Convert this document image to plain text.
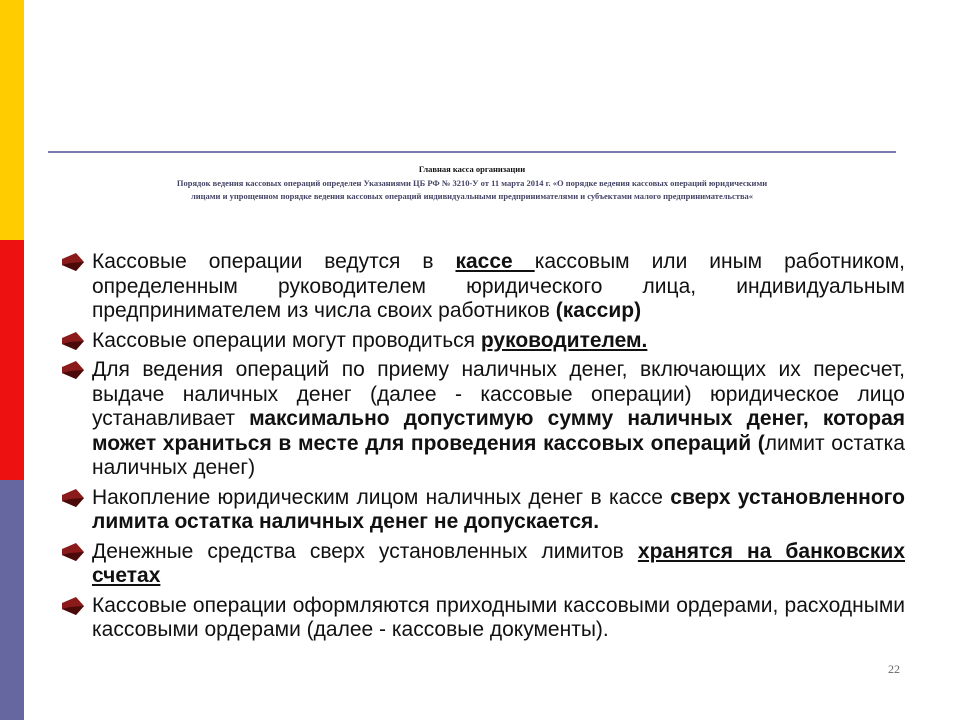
Главная касса организации
Порядок ведения кассовых операций определен Указаниями ЦБ РФ № 3210-У от 11 марта 2014 г. «О порядке ведения кассовых операций юридическими
лицами и упрощенном порядке ведения кассовых операций индивидуальными предпринимателями и субъектами малого предпринимательства«
Кассовые операции ведутся в кассе кассовым или иным работником, определенным руководителем юридического лица, индивидуальным предпринимателем из числа своих работников (кассир)
Кассовые операции могут проводиться руководителем.
Для ведения операций по приему наличных денег, включающих их пересчет, выдаче наличных денег (далее - кассовые операции) юридическое лицо устанавливает максимально допустимую сумму наличных денег, которая может храниться в месте для проведения кассовых операций (лимит остатка наличных денег)
Накопление юридическим лицом наличных денег в кассе сверх установленного лимита остатка наличных денег не допускается.
Денежные средства сверх установленных лимитов хранятся на банковских счетах
Кассовые операции оформляются приходными кассовыми ордерами, расходными кассовыми ордерами (далее - кассовые документы).
22
